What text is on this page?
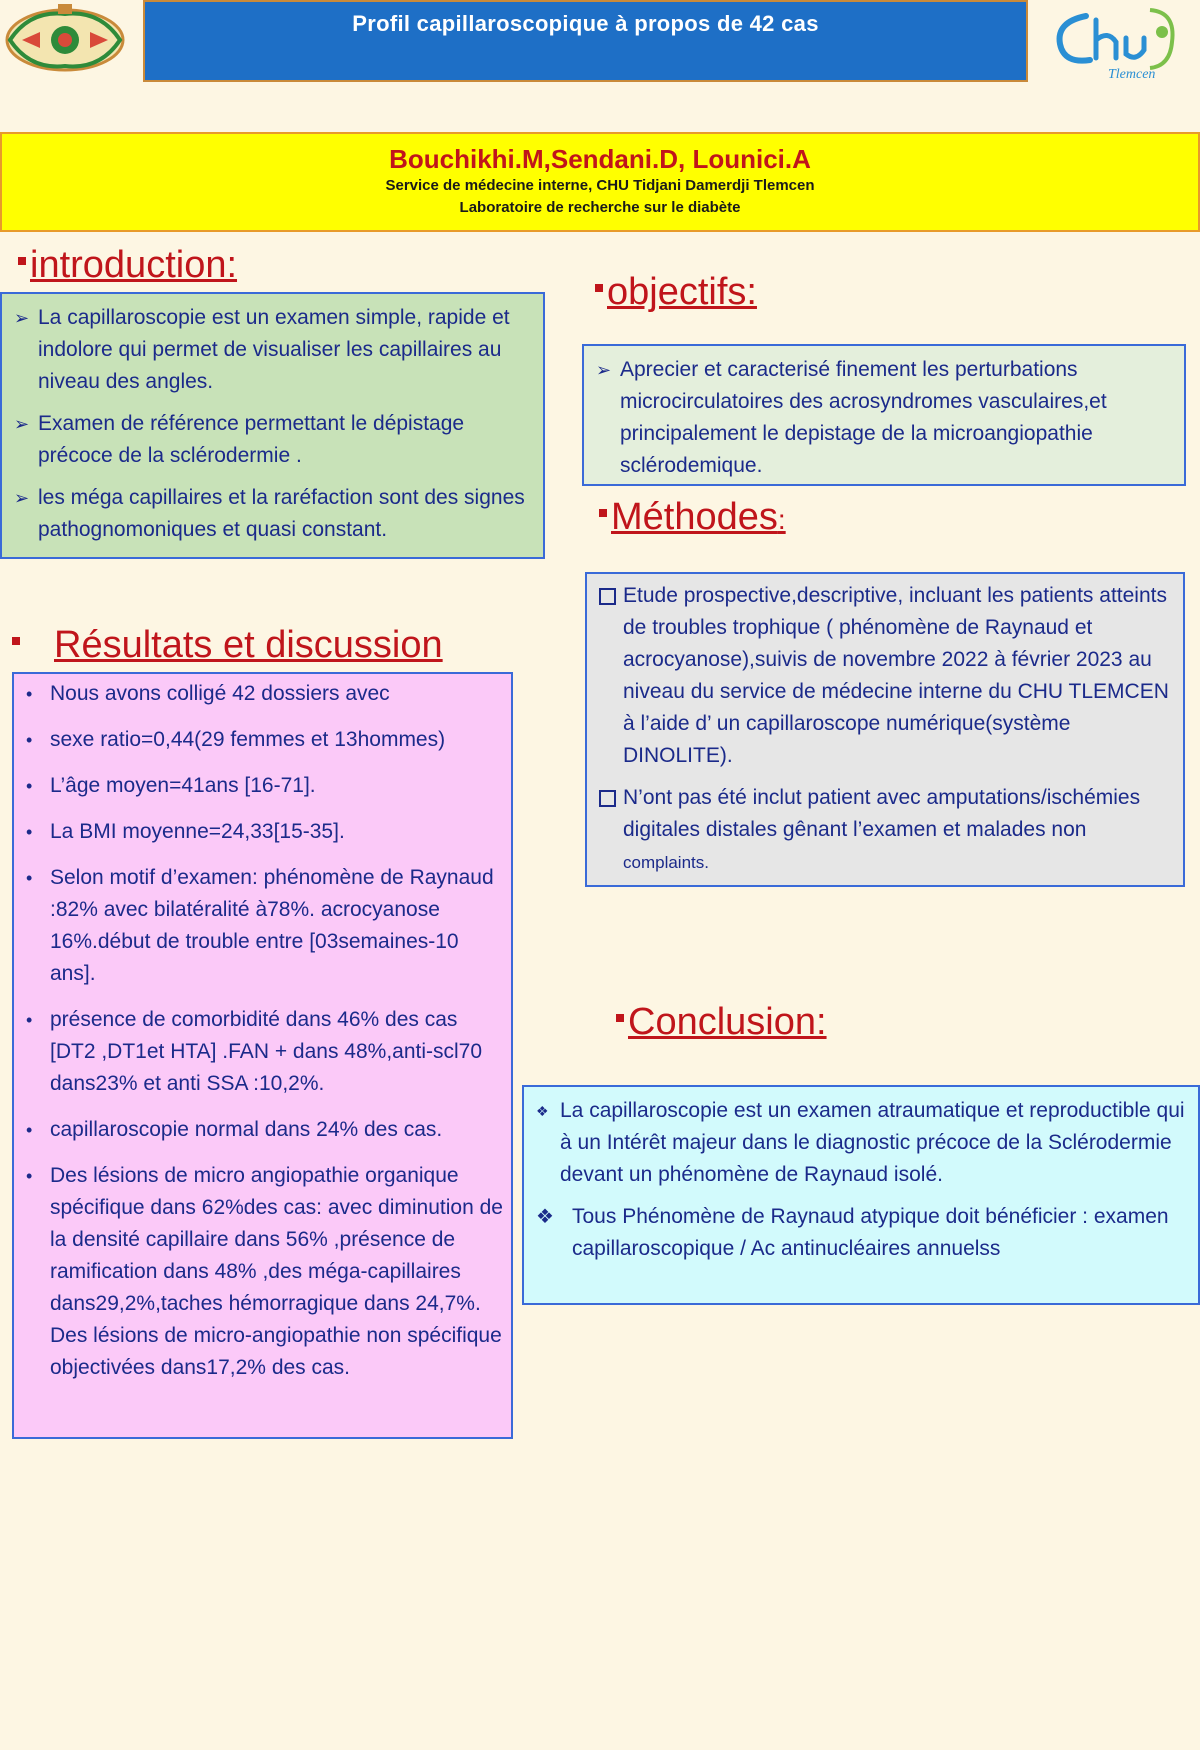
Profil capillaroscopique à propos de 42 cas
Tlemcen
Bouchikhi.M,Sendani.D, Lounici.A
Service de médecine interne, CHU Tidjani Damerdji Tlemcen
Laboratoire de recherche sur le diabète
introduction:
➢ La capillaroscopie est un examen simple, rapide et indolore qui permet de visualiser les capillaires au niveau des angles.
➢ Examen de référence permettant le dépistage précoce de la sclérodermie .
➢ les méga capillaires et la raréfaction sont des signes pathognomoniques et quasi constant.
objectifs:
➢ Aprecier et caracterisé finement les perturbations microcirculatoires des acrosyndromes vasculaires,et principalement le depistage de la microangiopathie sclérodemique.
Méthodes:
Etude prospective,descriptive, incluant les patients atteints de troubles trophique ( phénomène de Raynaud et acrocyanose),suivis de novembre 2022 à février 2023 au niveau du service de médecine interne du CHU TLEMCEN à l’aide d’ un capillaroscope numérique(système DINOLITE).
N’ont pas été inclut patient avec amputations/ischémies digitales distales gênant l’examen et malades non complaints.
Résultats et discussion
• Nous avons colligé 42 dossiers avec
• sexe ratio=0,44(29 femmes et 13hommes)
• L’âge moyen=41ans [16-71].
• La BMI moyenne=24,33[15-35].
• Selon motif d’examen: phénomène de Raynaud :82% avec bilatéralité à78%. acrocyanose 16%.début de trouble entre [03semaines-10 ans].
• présence de comorbidité dans 46% des cas [DT2 ,DT1et HTA] .FAN + dans 48%,anti-scl70 dans23% et anti SSA :10,2%.
• capillaroscopie normal dans 24% des cas.
• Des lésions de micro angiopathie organique spécifique dans 62%des cas: avec diminution de la densité capillaire dans 56% ,présence de ramification dans 48% ,des méga-capillaires dans29,2%,taches hémorragique dans 24,7%. Des lésions de micro-angiopathie non spécifique objectivées dans17,2% des cas.
Conclusion:
❖ La capillaroscopie est un examen atraumatique et reproductible qui à un Intérêt majeur dans le diagnostic précoce de la Sclérodermie devant un phénomène de Raynaud isolé.
❖ Tous Phénomène de Raynaud atypique doit bénéficier : examen capillaroscopique / Ac antinucléaires annuelss
